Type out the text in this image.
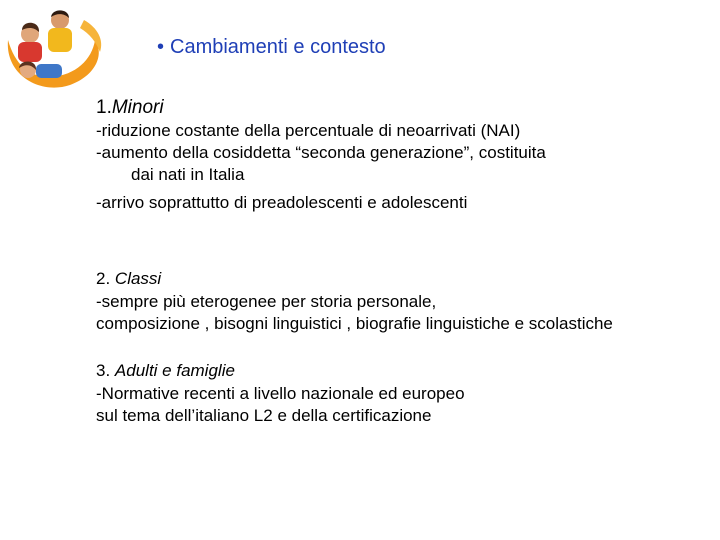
• Cambiamenti e contesto
1.Minori
-riduzione costante della percentuale di neoarrivati (NAI)
-aumento della cosiddetta “seconda generazione”, costituita
dai nati in Italia
-arrivo soprattutto di preadolescenti e adolescenti
2. Classi
-sempre più eterogenee per storia personale,
composizione , bisogni linguistici , biografie linguistiche e scolastiche
3. Adulti e famiglie
-Normative recenti a livello nazionale ed europeo
sul tema dell’italiano L2 e della certificazione
